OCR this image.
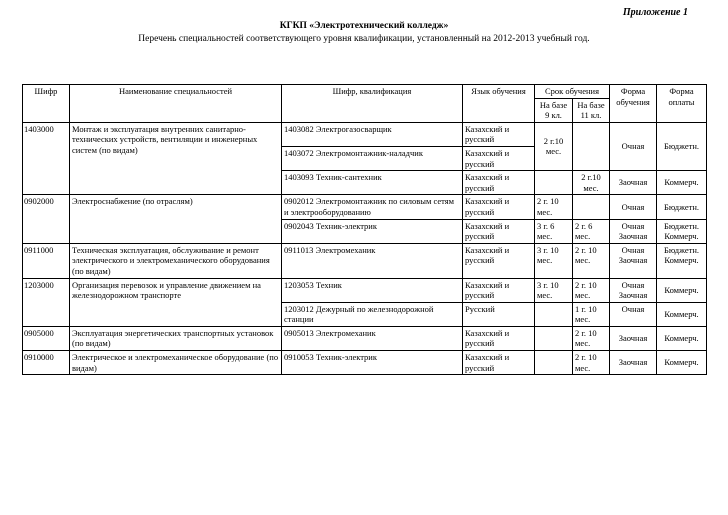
Приложение 1
КГКП «Электротехнический колледж»
Перечень специальностей соответствующего уровня квалификации, установленный на 2012-2013 учебный год.
Шифр	Наименование специальностей	Шифр, квалификация	Язык обучения	Срок обучения		Форма обучения	Форма оплаты
				На базе 9 кл.	На базе 11 кл.		
1403000	Монтаж и эксплуатация внутренних санитарно-технических устройств, вентиляции и инженерных систем (по видам)	1403082 Электрогазосварщик	Казахский и русский	2 г.10 мес.		Очная	Бюджетн.
		1403072 Электромонтажник-наладчик	Казахский и русский				
		1403093 Техник-сантехник	Казахский и русский		2 г.10 мес.	Заочная	Коммерч.
0902000	Электроснабжение (по отраслям)	0902012 Электромонтажник по силовым сетям и электрооборудованию	Казахский и русский	2 г. 10 мес.		Очная	Бюджетн.
		0902043 Техник-электрик	Казахский и русский	3 г. 6 мес.	2 г. 6 мес.	Очная Заочная	Бюджетн. Коммерч.
0911000	Техническая эксплуатация, обслуживание и ремонт электрического и электромеханического оборудования (по видам)	0911013 Электромеханик	Казахский и русский	3 г. 10 мес.	2 г. 10 мес.	Очная Заочная	Бюджетн. Коммерч.
1203000	Организация перевозок и управление движением на железнодорожном транспорте	1203053 Техник	Казахский и русский	3 г. 10 мес.	2 г. 10 мес.	Очная Заочная	Коммерч.
		1203012 Дежурный по железнодорожной станции	Русский		1 г. 10 мес.	Очная	Коммерч.
0905000	Эксплуатация энергетических транспортных установок (по видам)	0905013 Электромеханик	Казахский и русский		2 г. 10 мес.	Заочная	Коммерч.
0910000	Электрическое и электромеханическое оборудование (по видам)	0910053 Техник-электрик	Казахский и русский		2 г. 10 мес.	Заочная	Коммерч.
